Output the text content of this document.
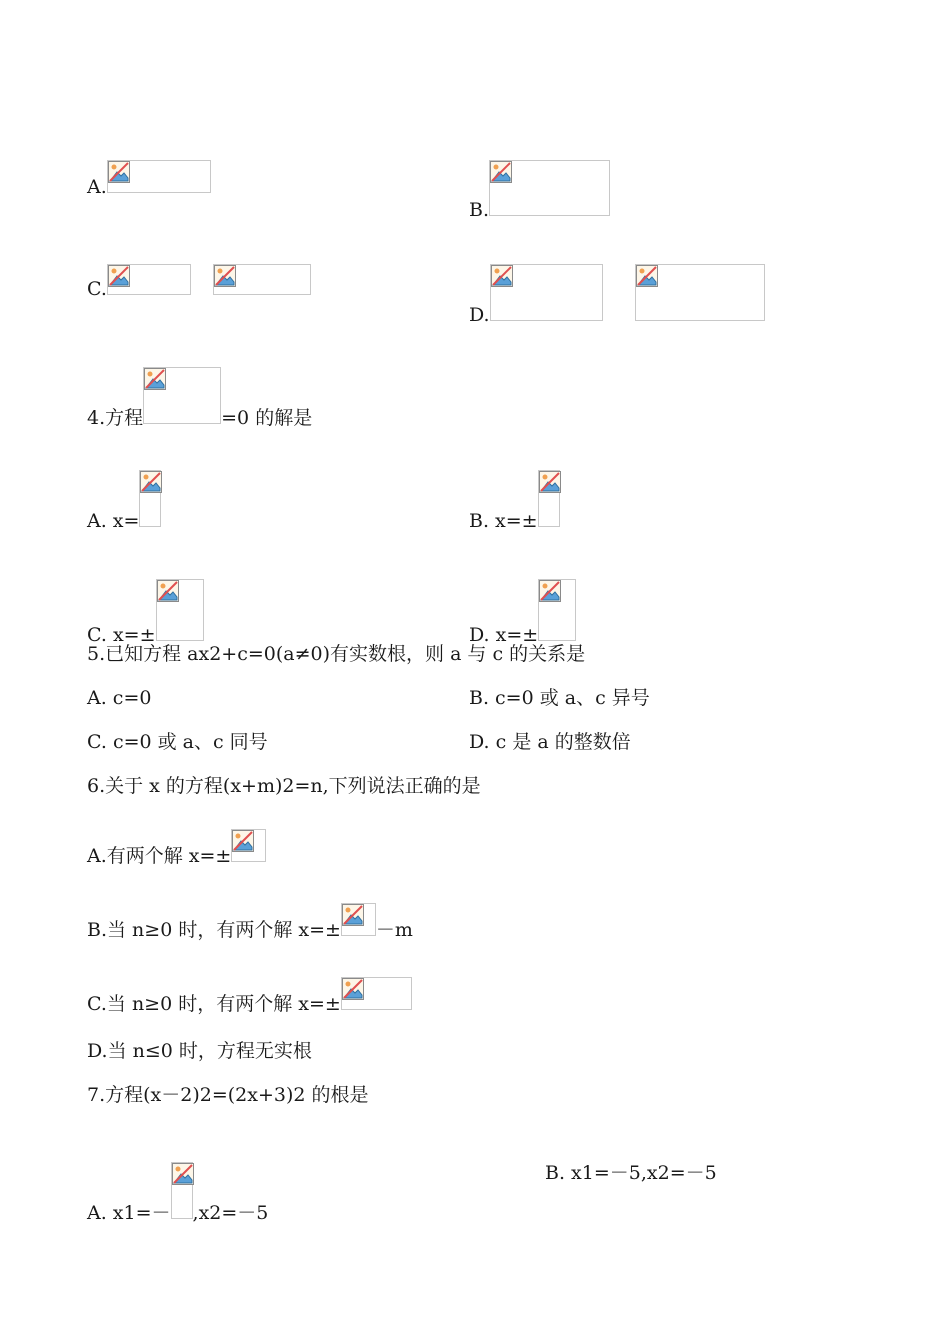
A.
B.
C.
D.
4.方程	=0 的解是
A. x=	B. x=±
C. x=±	D. x=±
5.已知方程 ax2+c=0(a≠0)有实数根，则 a 与 c 的关系是
A. c=0	B. c=0 或 a、c 异号
C. c=0 或 a、c 同号	D. c 是 a 的整数倍
6.关于 x 的方程(x+m)2=n,下列说法正确的是
A.有两个解 x=±
B.当 n≥0 时，有两个解 x=± －m
C.当 n≥0 时，有两个解 x=±
D.当 n≤0 时，方程无实根
7.方程(x－2)2=(2x+3)2 的根是
A. x1=－ ,x2=－5
B. x1=－5,x2=－5
